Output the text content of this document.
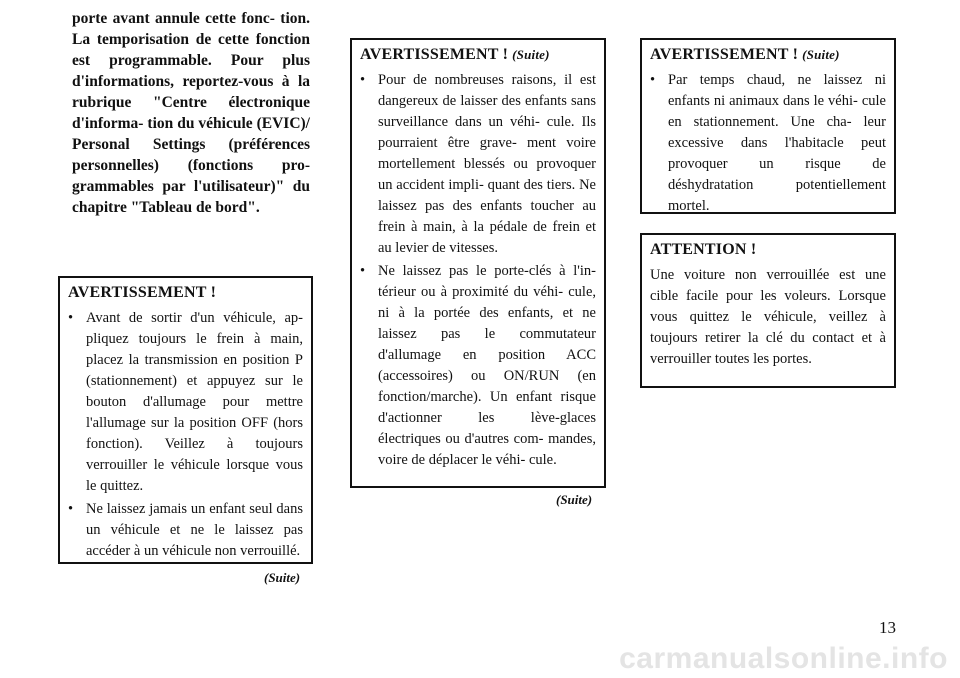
porte avant annule cette fonc- tion. La temporisation de cette fonction est programmable. Pour plus d'informations, reportez-vous à la rubrique "Centre électronique d'informa- tion du véhicule (EVIC)/ Personal Settings (préférences personnelles) (fonctions pro- grammables par l'utilisateur)" du chapitre "Tableau de bord".
AVERTISSEMENT !
• Avant de sortir d'un véhicule, ap- pliquez toujours le frein à main, placez la transmission en position P (stationnement) et appuyez sur le bouton d'allumage pour mettre l'allumage sur la position OFF (hors fonction). Veillez à toujours verrouiller le véhicule lorsque vous le quittez.
• Ne laissez jamais un enfant seul dans un véhicule et ne le laissez pas accéder à un véhicule non verrouillé.
(Suite)
AVERTISSEMENT ! (Suite)
• Pour de nombreuses raisons, il est dangereux de laisser des enfants sans surveillance dans un véhi- cule. Ils pourraient être grave- ment voire mortellement blessés ou provoquer un accident impli- quant des tiers. Ne laissez pas des enfants toucher au frein à main, à la pédale de frein et au levier de vitesses.
• Ne laissez pas le porte-clés à l'in- térieur ou à proximité du véhi- cule, ni à la portée des enfants, et ne laissez pas le commutateur d'allumage en position ACC (accessoires) ou ON/RUN (en fonction/marche). Un enfant risque d'actionner les lève-glaces électriques ou d'autres com- mandes, voire de déplacer le véhi- cule.
(Suite)
AVERTISSEMENT ! (Suite)
• Par temps chaud, ne laissez ni enfants ni animaux dans le véhi- cule en stationnement. Une cha- leur excessive dans l'habitacle peut provoquer un risque de déshydratation potentiellement mortel.
ATTENTION !

Une voiture non verrouillée est une cible facile pour les voleurs. Lorsque vous quittez le véhicule, veillez à toujours retirer la clé du contact et à verrouiller toutes les portes.

13
carmanualsonline.info
